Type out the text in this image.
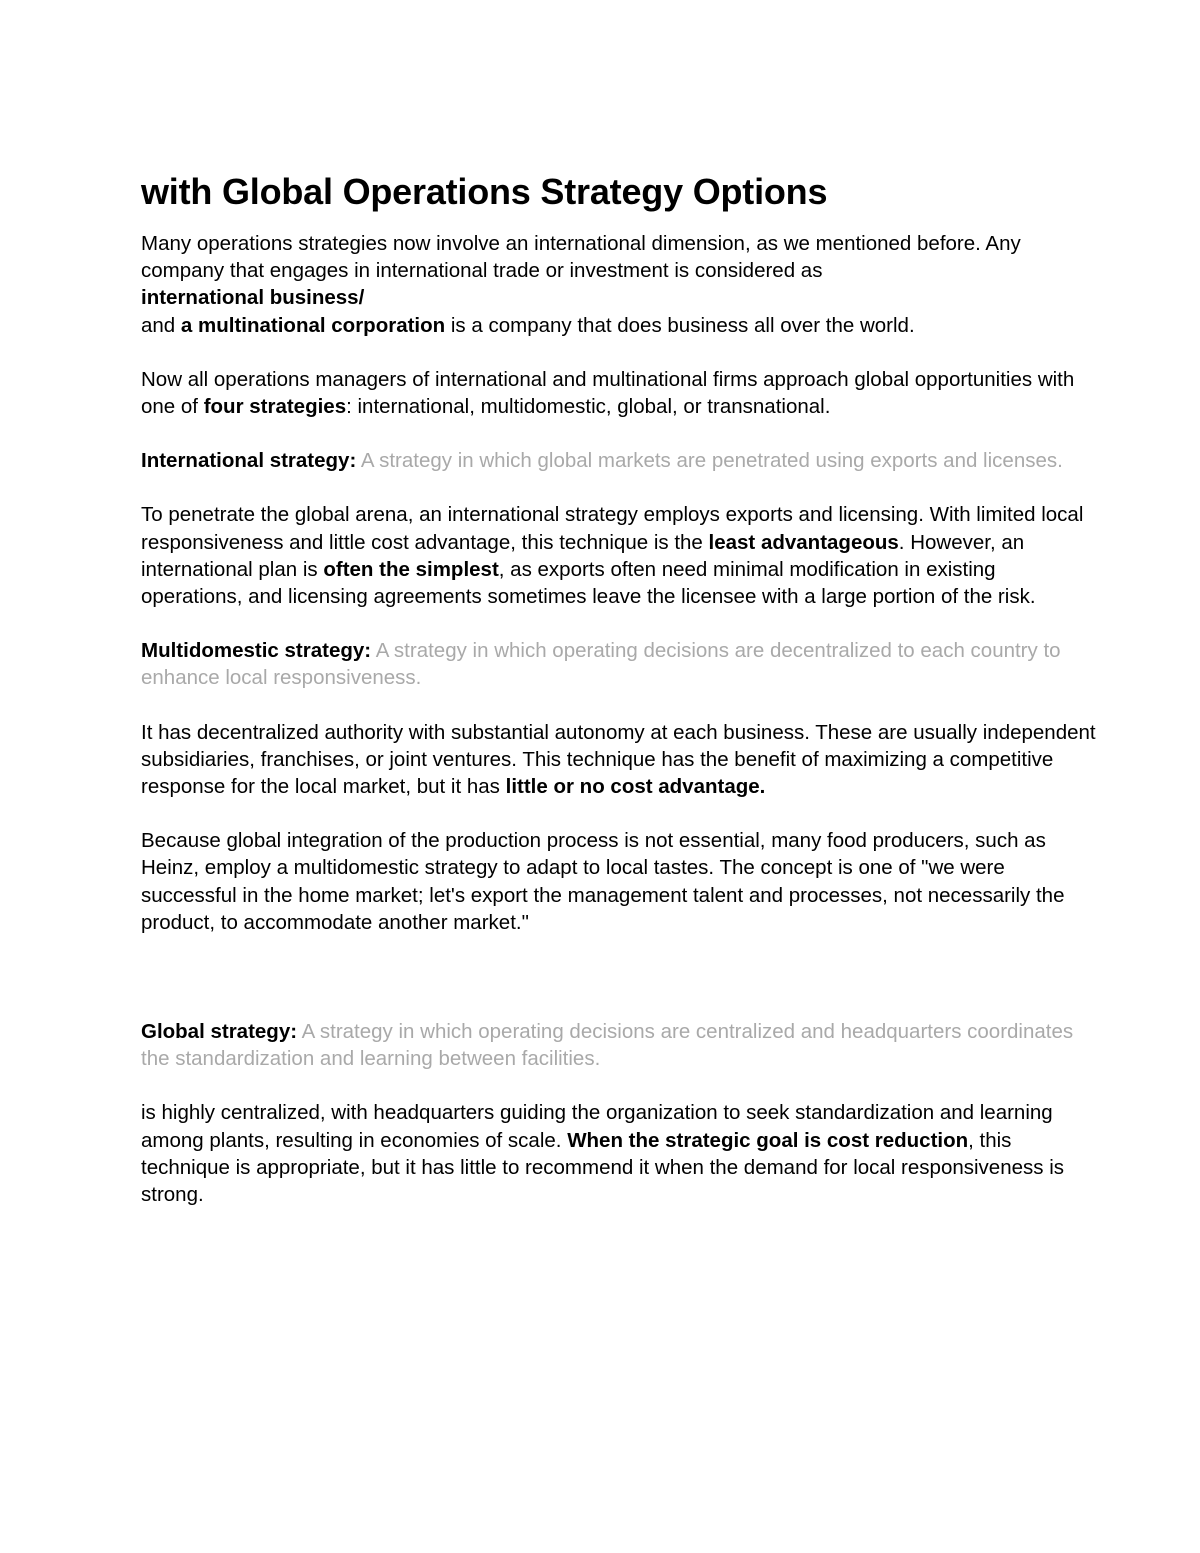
with Global Operations Strategy Options

Many operations strategies now involve an international dimension, as we mentioned before. Any company that engages in international trade or investment is considered as
international business/
and a multinational corporation is a company that does business all over the world.

Now all operations managers of international and multinational firms approach global opportunities with one of four strategies: international, multidomestic, global, or transnational.

International strategy: A strategy in which global markets are penetrated using exports and licenses.

To penetrate the global arena, an international strategy employs exports and licensing. With limited local responsiveness and little cost advantage, this technique is the least advantageous. However, an international plan is often the simplest, as exports often need minimal modification in existing operations, and licensing agreements sometimes leave the licensee with a large portion of the risk.

Multidomestic strategy: A strategy in which operating decisions are decentralized to each country to enhance local responsiveness.

It has decentralized authority with substantial autonomy at each business. These are usually independent subsidiaries, franchises, or joint ventures. This technique has the benefit of maximizing a competitive response for the local market, but it has little or no cost advantage.

Because global integration of the production process is not essential, many food producers, such as Heinz, employ a multidomestic strategy to adapt to local tastes. The concept is one of "we were successful in the home market; let's export the management talent and processes, not necessarily the product, to accommodate another market."

Global strategy: A strategy in which operating decisions are centralized and headquarters coordinates the standardization and learning between facilities.

is highly centralized, with headquarters guiding the organization to seek standardization and learning among plants, resulting in economies of scale. When the strategic goal is cost reduction, this technique is appropriate, but it has little to recommend it when the demand for local responsiveness is strong.
